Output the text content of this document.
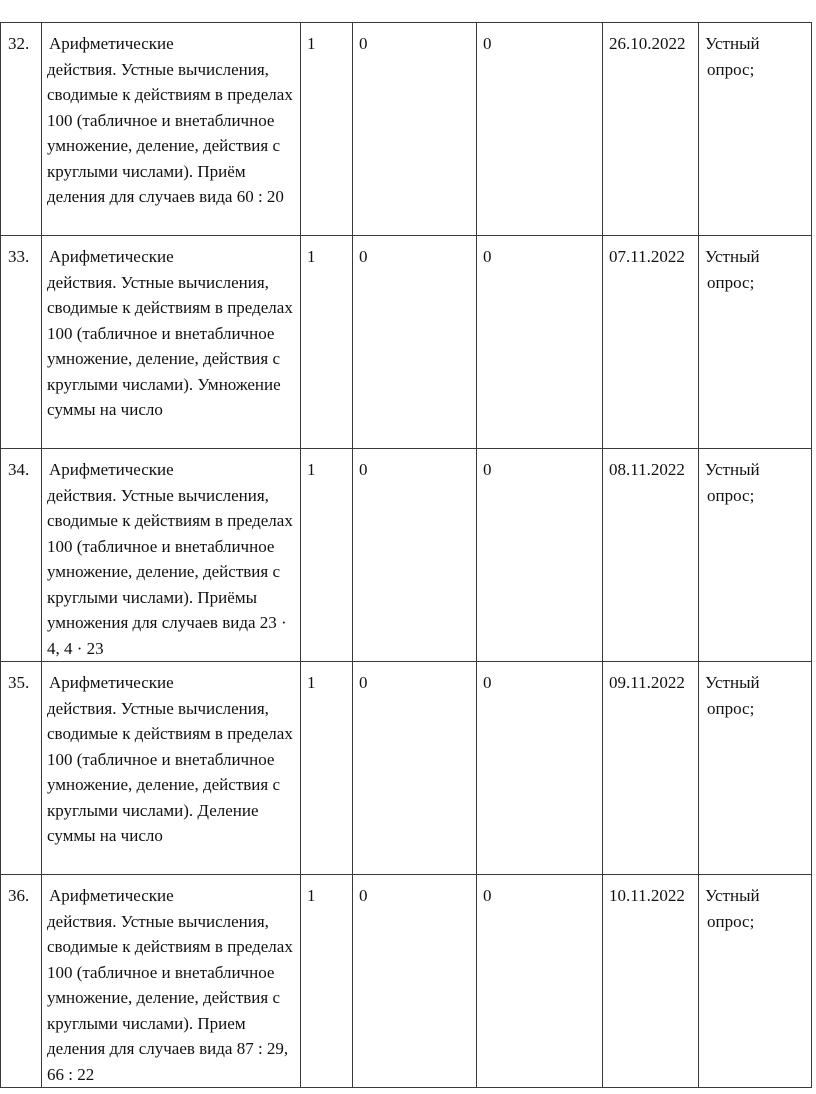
32.	Арифметические
действия. Устные вычисления, сводимые к действиям в пределах 100 (табличное и внетабличное умножение, деление, действия с круглыми числами). Приём деления для случаев вида 60 : 20	1	0	0	26.10.2022	Устный
опрос;

33.	Арифметические
действия. Устные вычисления, сводимые к действиям в пределах 100 (табличное и внетабличное умножение, деление, действия с круглыми числами). Умножение суммы на число	1	0	0	07.11.2022	Устный
опрос;

34.	Арифметические
действия. Устные вычисления, сводимые к действиям в пределах 100 (табличное и внетабличное умножение, деление, действия с круглыми числами). Приёмы умножения для случаев вида 23 · 4, 4 · 23	1	0	0	08.11.2022	Устный
опрос;

35.	Арифметические
действия. Устные вычисления, сводимые к действиям в пределах 100 (табличное и внетабличное умножение, деление, действия с круглыми числами). Деление суммы на число	1	0	0	09.11.2022	Устный
опрос;

36.	Арифметические
действия. Устные вычисления, сводимые к действиям в пределах 100 (табличное и внетабличное умножение, деление, действия с круглыми числами). Прием деления для случаев вида 87 : 29, 66 : 22	1	0	0	10.11.2022	Устный
опрос;
